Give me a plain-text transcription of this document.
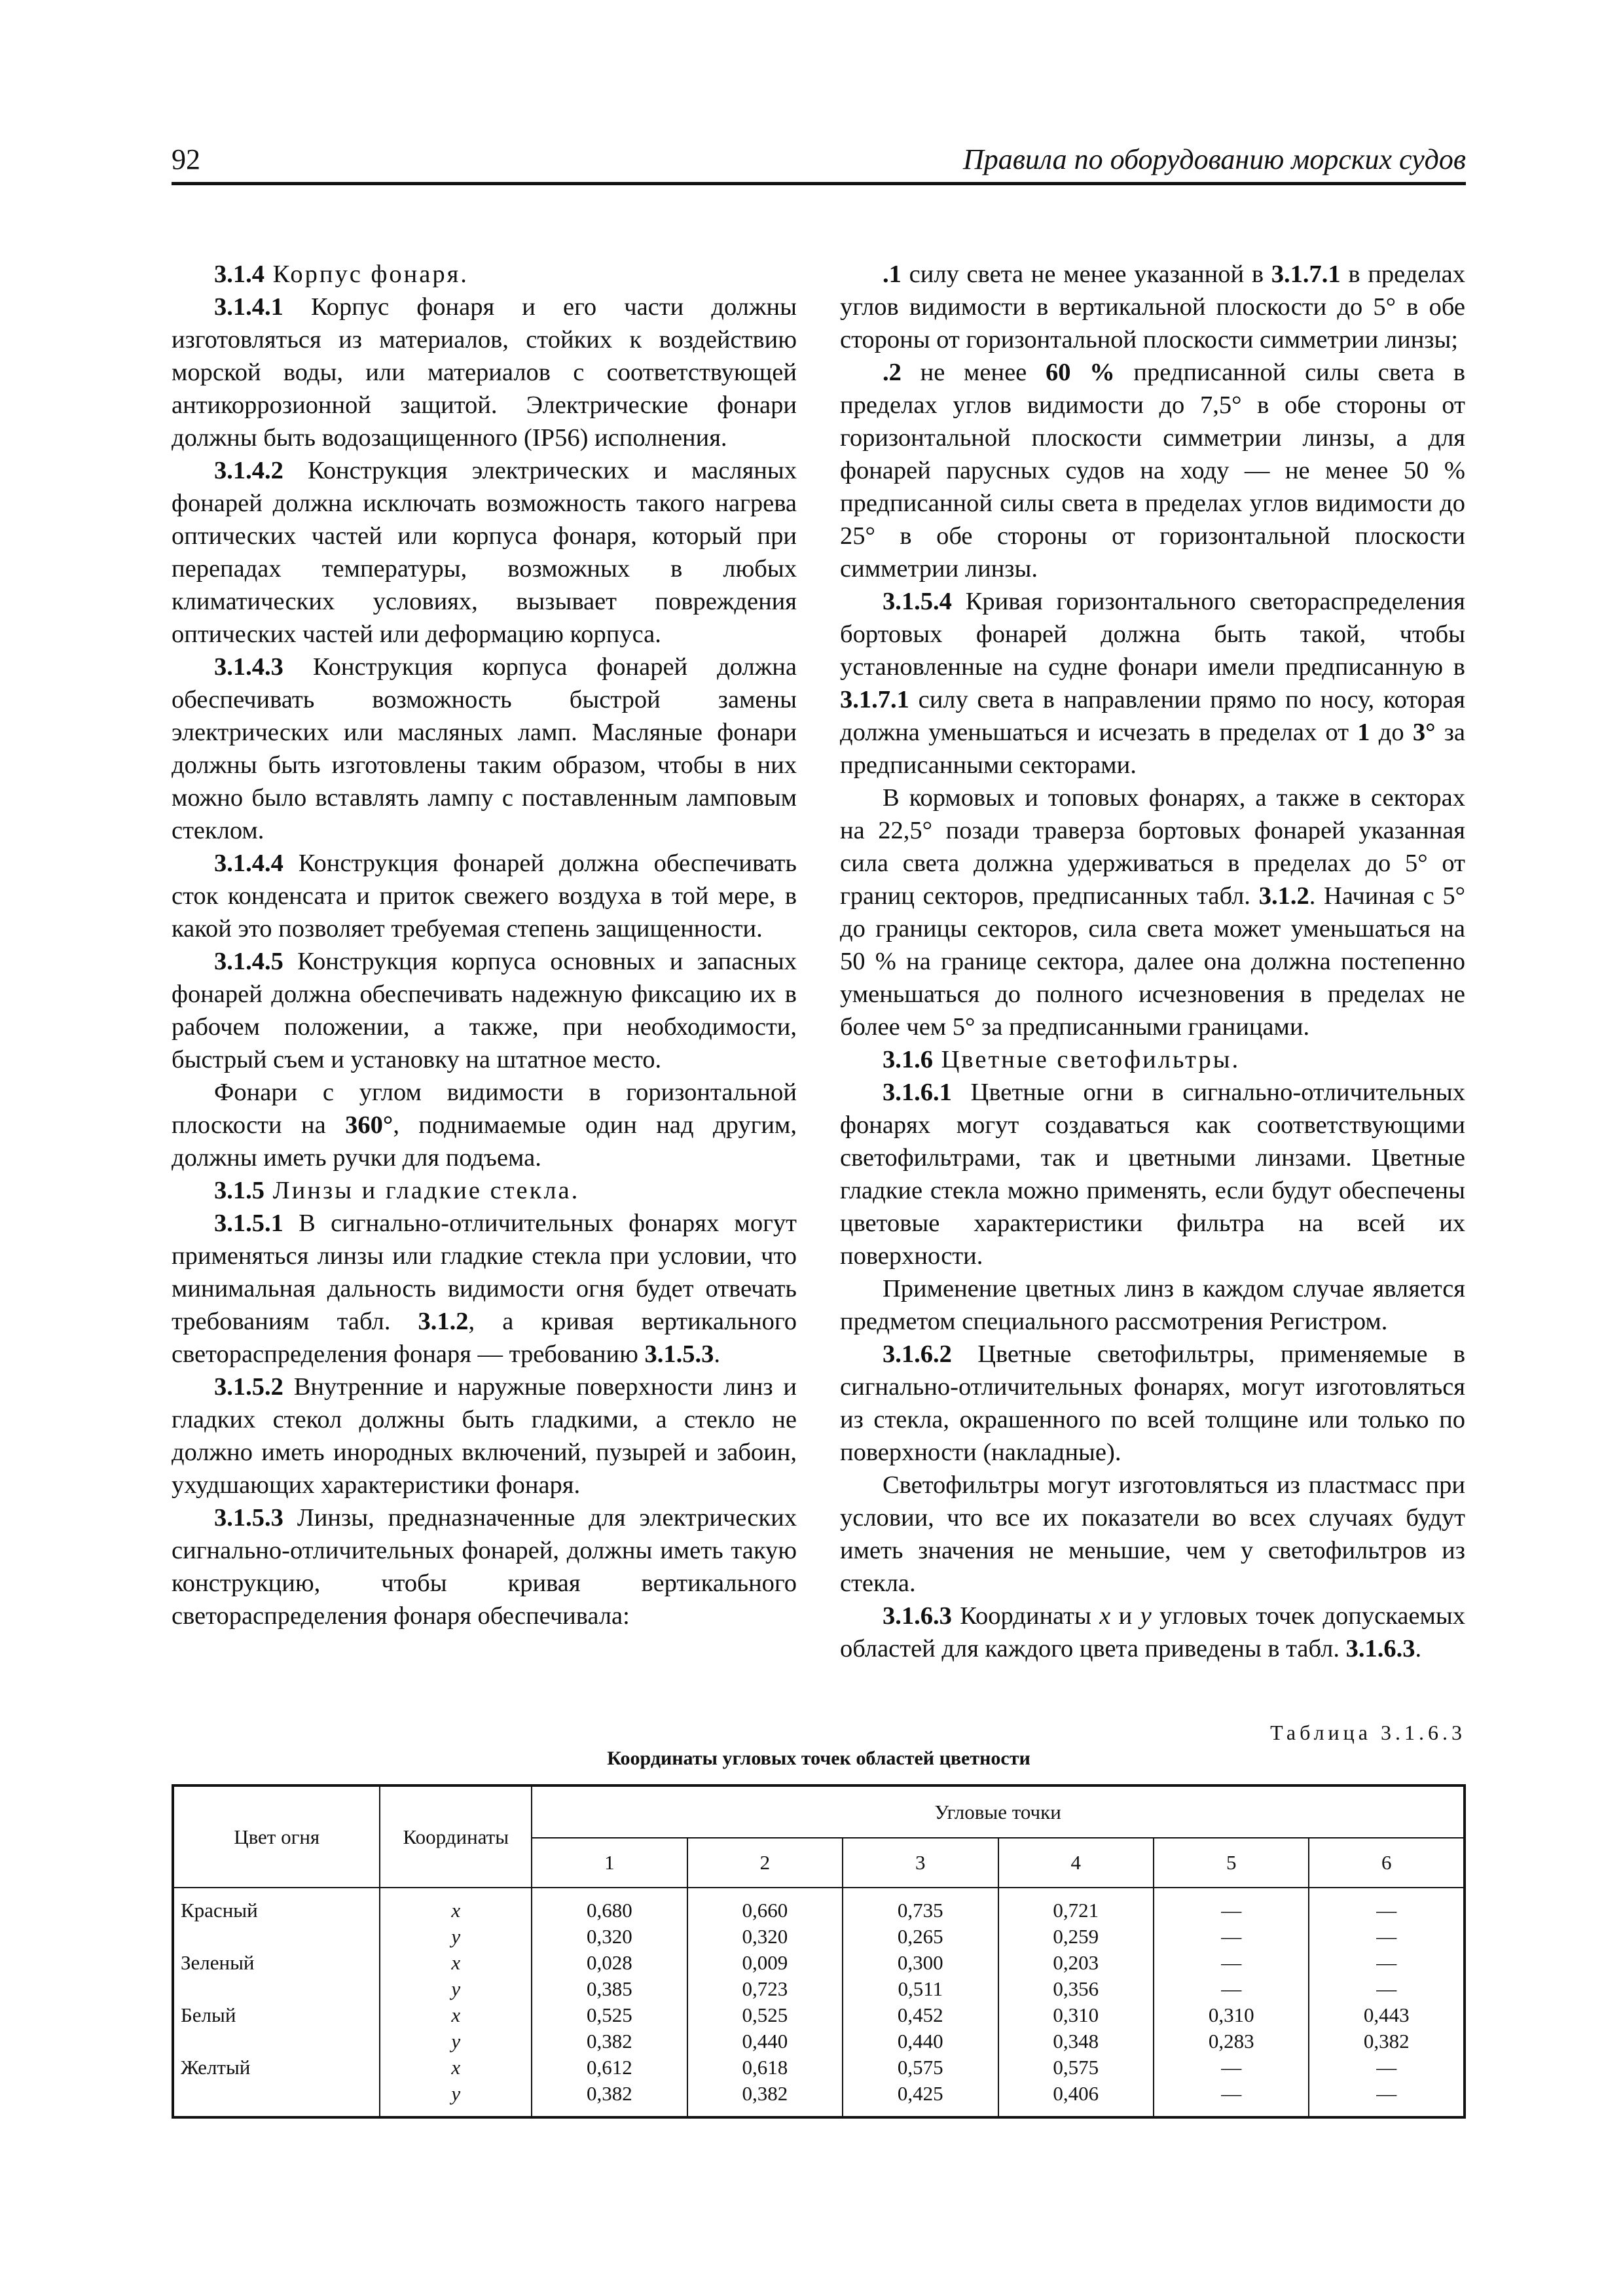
92	Правила по оборудованию морских судов

3.1.4 Корпус фонаря.

3.1.4.1 Корпус фонаря и его части должны изготовляться из материалов, стойких к воздействию морской воды, или материалов с соответствующей антикоррозионной защитой. Электрические фонари должны быть водозащищенного (IP56) исполнения.

3.1.4.2 Конструкция электрических и масляных фонарей должна исключать возможность такого нагрева оптических частей или корпуса фонаря, который при перепадах температуры, возможных в любых климатических условиях, вызывает повреждения оптических частей или деформацию корпуса.

3.1.4.3 Конструкция корпуса фонарей должна обеспечивать возможность быстрой замены электрических или масляных ламп. Масляные фонари должны быть изготовлены таким образом, чтобы в них можно было вставлять лампу с поставленным ламповым стеклом.

3.1.4.4 Конструкция фонарей должна обеспечивать сток конденсата и приток свежего воздуха в той мере, в какой это позволяет требуемая степень защищенности.

3.1.4.5 Конструкция корпуса основных и запасных фонарей должна обеспечивать надежную фиксацию их в рабочем положении, а также, при необходимости, быстрый съем и установку на штатное место.

Фонари с углом видимости в горизонтальной плоскости на 360°, поднимаемые один над другим, должны иметь ручки для подъема.

3.1.5 Линзы и гладкие стекла.

3.1.5.1 В сигнально-отличительных фонарях могут применяться линзы или гладкие стекла при условии, что минимальная дальность видимости огня будет отвечать требованиям табл. 3.1.2, а кривая вертикального светораспределения фонаря — требованию 3.1.5.3.

3.1.5.2 Внутренние и наружные поверхности линз и гладких стекол должны быть гладкими, а стекло не должно иметь инородных включений, пузырей и забоин, ухудшающих характеристики фонаря.

3.1.5.3 Линзы, предназначенные для электрических сигнально-отличительных фонарей, должны иметь такую конструкцию, чтобы кривая вертикального светораспределения фонаря обеспечивала:

.1 силу света не менее указанной в 3.1.7.1 в пределах углов видимости в вертикальной плоскости до 5° в обе стороны от горизонтальной плоскости симметрии линзы;

.2 не менее 60 % предписанной силы света в пределах углов видимости до 7,5° в обе стороны от горизонтальной плоскости симметрии линзы, а для фонарей парусных судов на ходу — не менее 50 % предписанной силы света в пределах углов видимости до 25° в обе стороны от горизонтальной плоскости симметрии линзы.

3.1.5.4 Кривая горизонтального светораспределения бортовых фонарей должна быть такой, чтобы установленные на судне фонари имели предписанную в 3.1.7.1 силу света в направлении прямо по носу, которая должна уменьшаться и исчезать в пределах от 1 до 3° за предписанными секторами.

В кормовых и топовых фонарях, а также в секторах на 22,5° позади траверза бортовых фонарей указанная сила света должна удерживаться в пределах до 5° от границ секторов, предписанных табл. 3.1.2. Начиная с 5° до границы секторов, сила света может уменьшаться на 50 % на границе сектора, далее она должна постепенно уменьшаться до полного исчезновения в пределах не более чем 5° за предписанными границами.

3.1.6 Цветные светофильтры.

3.1.6.1 Цветные огни в сигнально-отличительных фонарях могут создаваться как соответствующими светофильтрами, так и цветными линзами. Цветные гладкие стекла можно применять, если будут обеспечены цветовые характеристики фильтра на всей их поверхности.

Применение цветных линз в каждом случае является предметом специального рассмотрения Регистром.

3.1.6.2 Цветные светофильтры, применяемые в сигнально-отличительных фонарях, могут изготовляться из стекла, окрашенного по всей толщине или только по поверхности (накладные).

Светофильтры могут изготовляться из пластмасс при условии, что все их показатели во всех случаях будут иметь значения не меньшие, чем у светофильтров из стекла.

3.1.6.3 Координаты x и y угловых точек допускаемых областей для каждого цвета приведены в табл. 3.1.6.3.

Таблица 3.1.6.3
Координаты угловых точек областей цветности
Цвет огня	Координаты	Угловые точки					
		1	2	3	4	5	6
Красный	x	0,680	0,660	0,735	0,721	—	—
	y	0,320	0,320	0,265	0,259	—	—
Зеленый	x	0,028	0,009	0,300	0,203	—	—
	y	0,385	0,723	0,511	0,356	—	—
Белый	x	0,525	0,525	0,452	0,310	0,310	0,443
	y	0,382	0,440	0,440	0,348	0,283	0,382
Желтый	x	0,612	0,618	0,575	0,575	—	—
	y	0,382	0,382	0,425	0,406	—	—
